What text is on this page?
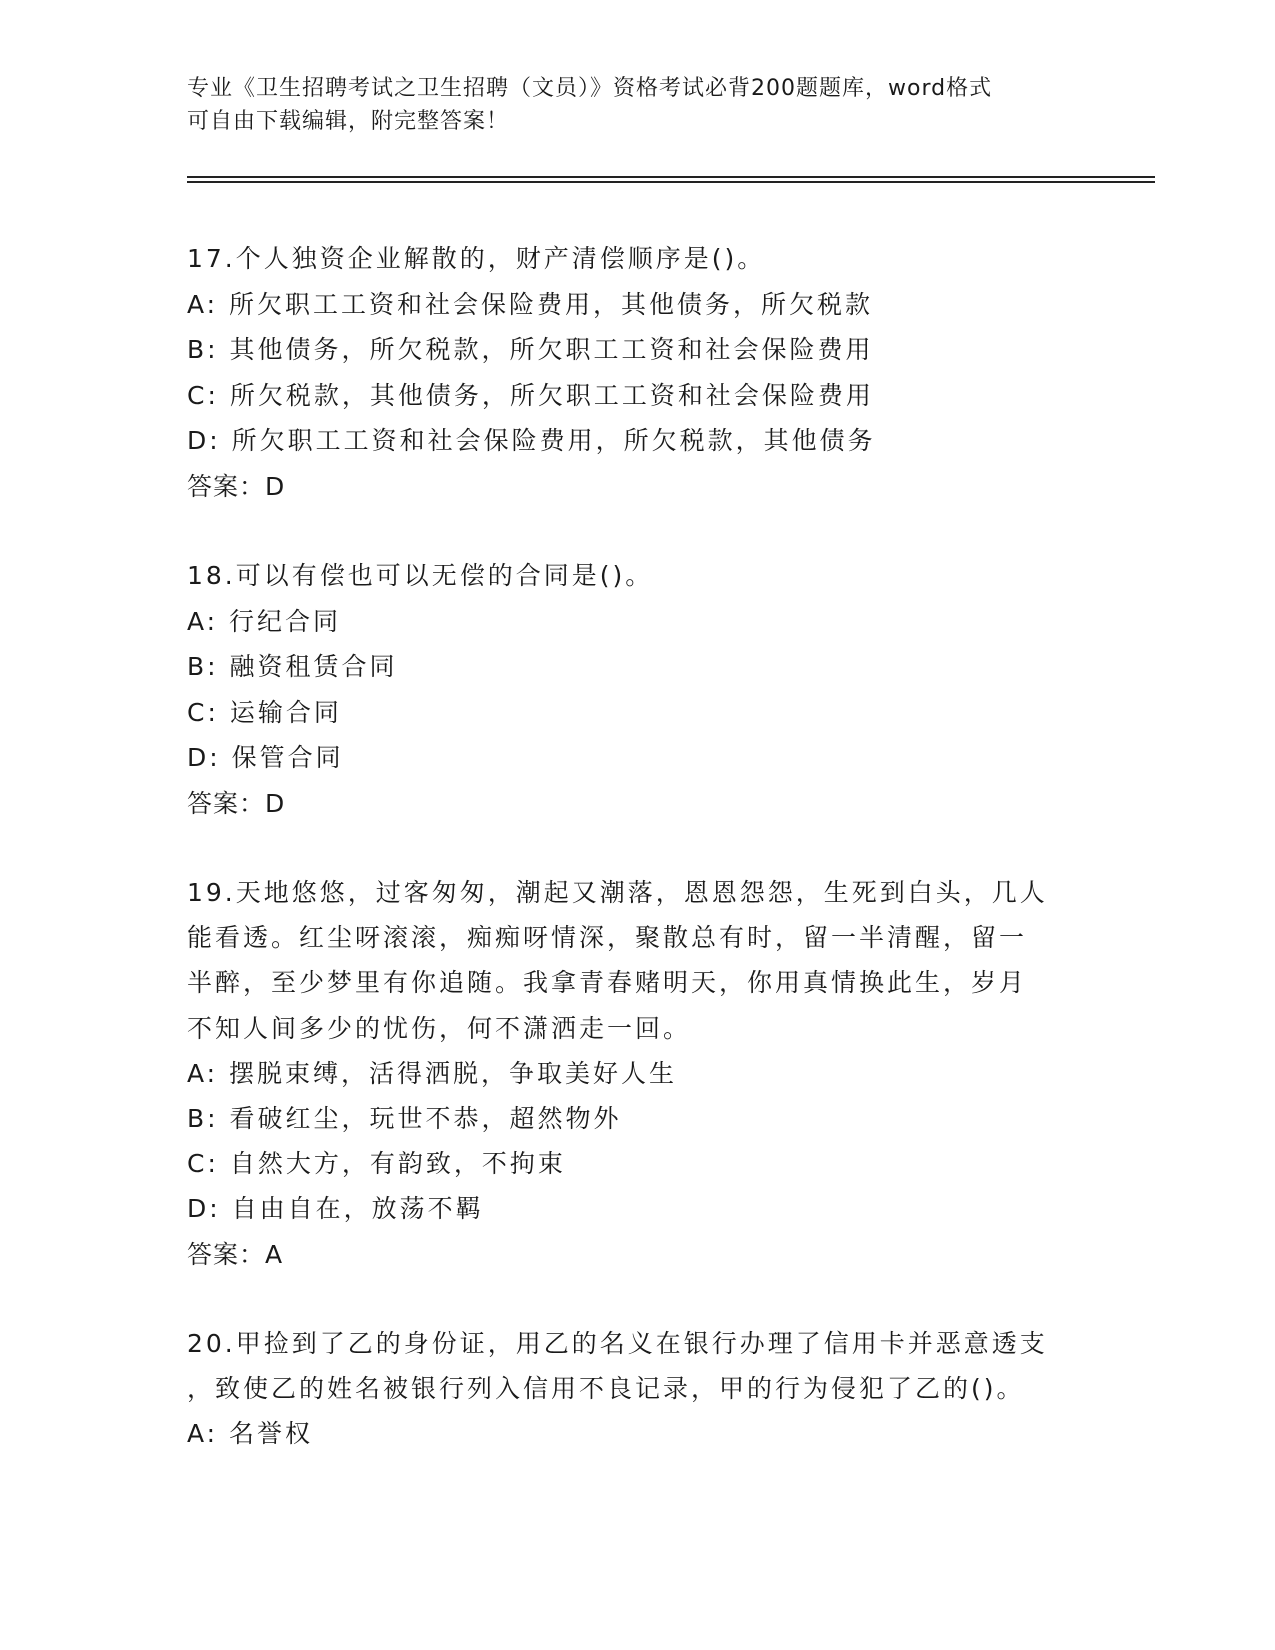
专业《卫生招聘考试之卫生招聘（文员）》资格考试必背200题题库，word格式
可自由下载编辑，附完整答案！
17.个人独资企业解散的，财产清偿顺序是()。
A: 所欠职工工资和社会保险费用，其他债务，所欠税款
B: 其他债务，所欠税款，所欠职工工资和社会保险费用
C: 所欠税款，其他债务，所欠职工工资和社会保险费用
D: 所欠职工工资和社会保险费用，所欠税款，其他债务
答案：D
18.可以有偿也可以无偿的合同是()。
A: 行纪合同
B: 融资租赁合同
C: 运输合同
D: 保管合同
答案：D
19.天地悠悠，过客匆匆，潮起又潮落，恩恩怨怨，生死到白头，几人
能看透。红尘呀滚滚，痴痴呀情深，聚散总有时，留一半清醒，留一
半醉，至少梦里有你追随。我拿青春赌明天，你用真情换此生，岁月
不知人间多少的忧伤，何不潇洒走一回。
A: 摆脱束缚，活得洒脱，争取美好人生
B: 看破红尘，玩世不恭，超然物外
C: 自然大方，有韵致，不拘束
D: 自由自在，放荡不羁
答案：A
20.甲捡到了乙的身份证，用乙的名义在银行办理了信用卡并恶意透支
，致使乙的姓名被银行列入信用不良记录，甲的行为侵犯了乙的()。
A: 名誉权
